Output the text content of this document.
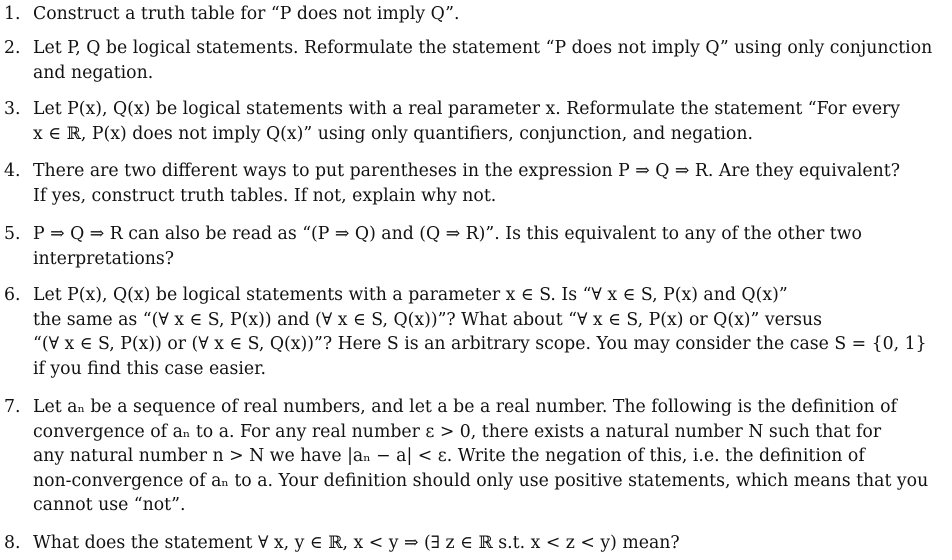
1. Construct a truth table for “P does not imply Q”.
2. Let P, Q be logical statements. Reformulate the statement “P does not imply Q” using only conjunction
and negation.
3. Let P(x), Q(x) be logical statements with a real parameter x. Reformulate the statement “For every
x ∈ ℝ, P(x) does not imply Q(x)” using only quantifiers, conjunction, and negation.
4. There are two different ways to put parentheses in the expression P ⇒ Q ⇒ R. Are they equivalent?
If yes, construct truth tables. If not, explain why not.
5. P ⇒ Q ⇒ R can also be read as “(P ⇒ Q) and (Q ⇒ R)”. Is this equivalent to any of the other two
interpretations?
6. Let P(x), Q(x) be logical statements with a parameter x ∈ S. Is “∀ x ∈ S, P(x) and Q(x)”
the same as “(∀ x ∈ S, P(x)) and (∀ x ∈ S, Q(x))”? What about “∀ x ∈ S, P(x) or Q(x)” versus
“(∀ x ∈ S, P(x)) or (∀ x ∈ S, Q(x))”? Here S is an arbitrary scope. You may consider the case S = {0, 1}
if you find this case easier.
7. Let aₙ be a sequence of real numbers, and let a be a real number. The following is the definition of
convergence of aₙ to a. For any real number ε > 0, there exists a natural number N such that for
any natural number n > N we have |aₙ − a| < ε. Write the negation of this, i.e. the definition of
non-convergence of aₙ to a. Your definition should only use positive statements, which means that you
cannot use “not”.
8. What does the statement ∀ x, y ∈ ℝ, x < y ⇒ (∃ z ∈ ℝ s.t. x < z < y) mean?
